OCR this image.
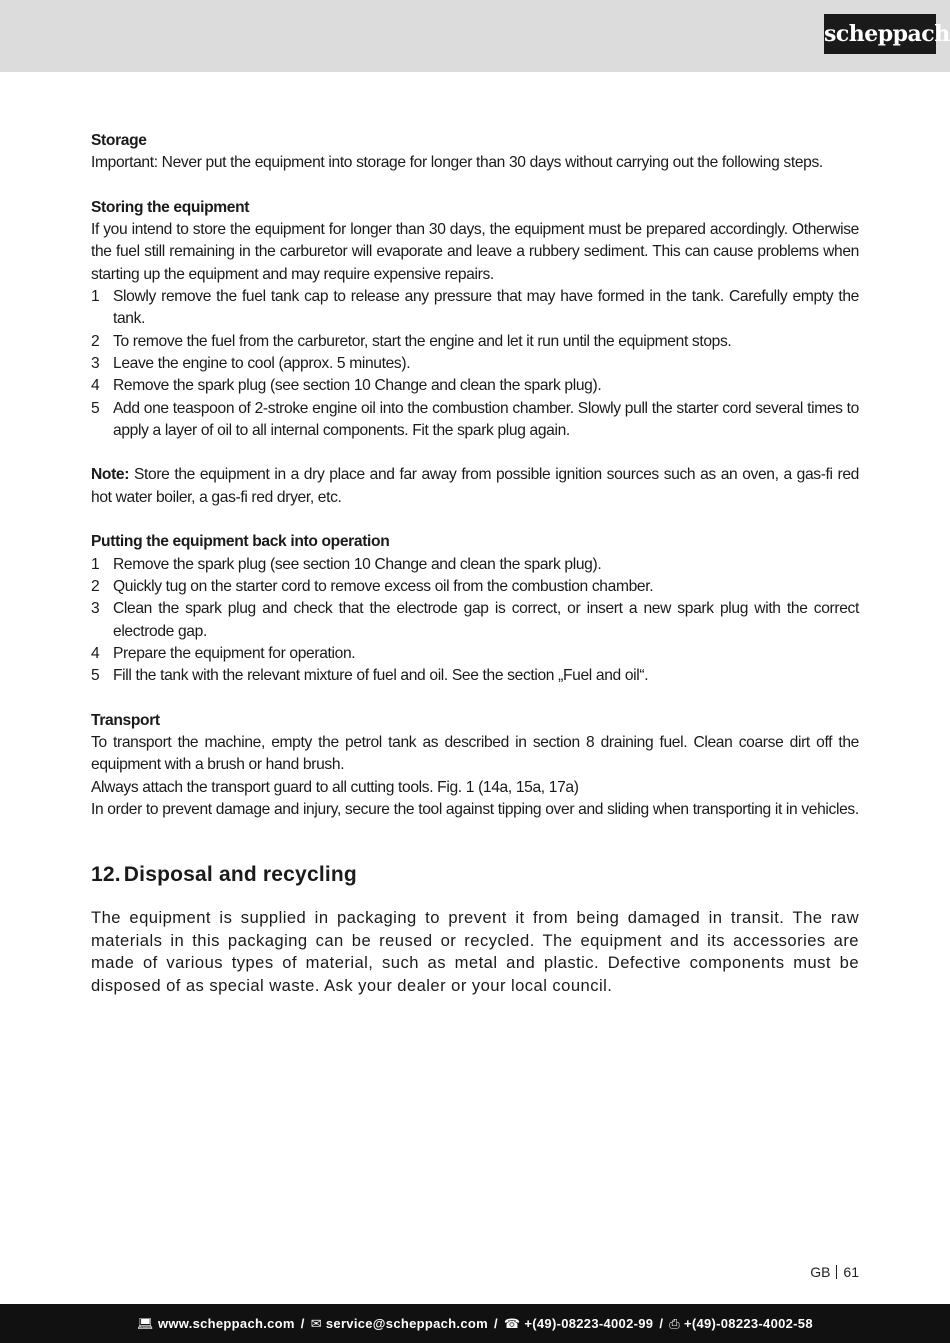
scheppach
Storage

Important: Never put the equipment into storage for longer than 30 days without carrying out the following steps.

Storing the equipment

If you intend to store the equipment for longer than 30 days, the equipment must be prepared accordingly. Otherwise the fuel still remaining in the carburetor will evaporate and leave a rubbery sediment. This can cause problems when starting up the equipment and may require expensive repairs.

1 Slowly remove the fuel tank cap to release any pressure that may have formed in the tank. Carefully empty the tank.
2 To remove the fuel from the carburetor, start the engine and let it run until the equipment stops.
3 Leave the engine to cool (approx. 5 minutes).
4 Remove the spark plug (see section 10 Change and clean the spark plug).
5 Add one teaspoon of 2-stroke engine oil into the combustion chamber. Slowly pull the starter cord several times to apply a layer of oil to all internal components. Fit the spark plug again.

Note: Store the equipment in a dry place and far away from possible ignition sources such as an oven, a gas-fi red hot water boiler, a gas-fi red dryer, etc.

Putting the equipment back into operation
1 Remove the spark plug (see section 10 Change and clean the spark plug).
2 Quickly tug on the starter cord to remove excess oil from the combustion chamber.
3 Clean the spark plug and check that the electrode gap is correct, or insert a new spark plug with the correct electrode gap.
4 Prepare the equipment for operation.
5 Fill the tank with the relevant mixture of fuel and oil. See the section „Fuel and oil“.
Transport

To transport the machine, empty the petrol tank as described in section 8 draining fuel. Clean coarse dirt off the equipment with a brush or hand brush.

Always attach the transport guard to all cutting tools. Fig. 1 (14a, 15a, 17a)

In order to prevent damage and injury, secure the tool against tipping over and sliding when transporting it in vehicles.

12. Disposal and recycling

The equipment is supplied in packaging to prevent it from being damaged in transit. The raw materials in this packaging can be reused or recycled. The equipment and its accessories are made of various types of material, such as metal and plastic. Defective components must be disposed of as special waste. Ask your dealer or your local council.

GB 61
💻︎ www.scheppach.com / ✉ service@scheppach.com / ☎ +(49)-08223-4002-99 / ⎙ +(49)-08223-4002-58
